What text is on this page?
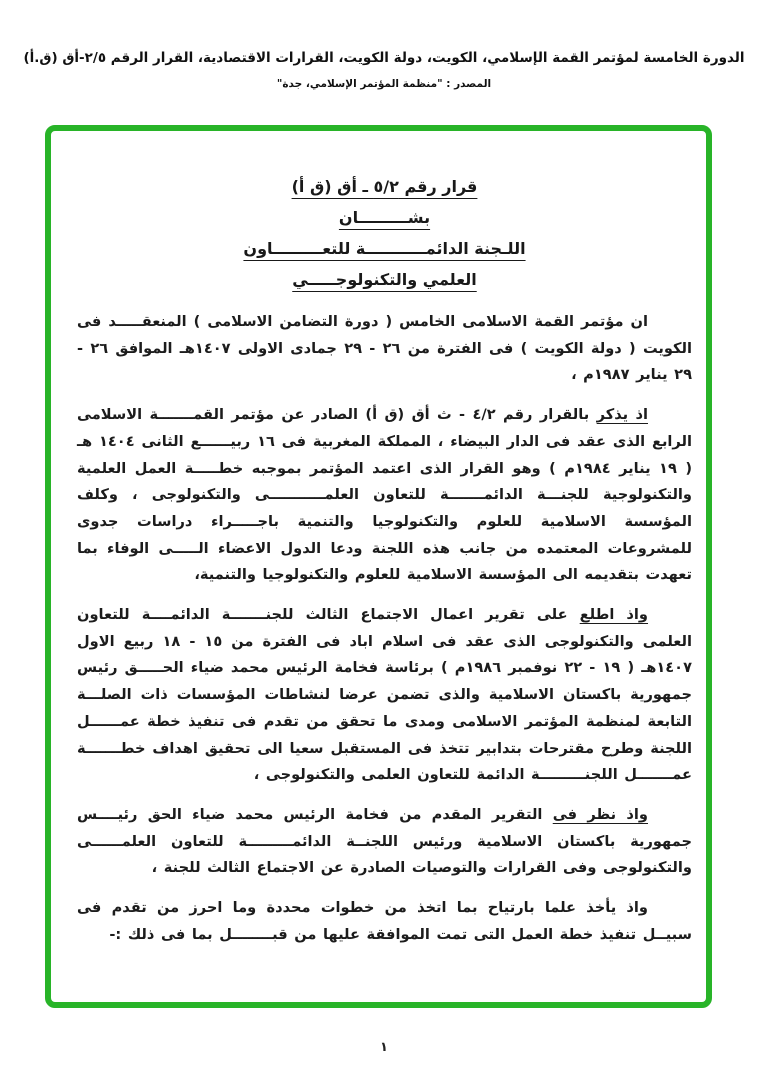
الدورة الخامسة لمؤتمر القمة الإسلامي، الكويت، دولة الكويت، القرارات الاقتصادية، القرار الرقم ٢/٥-أق (ق.أ)
المصدر : "منظمة المؤتمر الإسلامي، جدة"
قرار رقم ٥/٢ ـ أق (ق أ)
بشـــــــــان
اللـجنة الدائمـــــــــــة للتعـــــــــاون
العلمي والتكنولوجـــــي

ان مؤتمر القمة الاسلامى الخامس ( دورة التضامن الاسلامى ) المنعقـــــد فى الكويت ( دولة الكويت ) فى الفترة من ٢٦ - ٢٩ جمادى الاولى ١٤٠٧هـ الموافق ٢٦ - ٢٩ يناير ١٩٨٧م ،

اذ يذكر بالقرار رقم ٤/٢ - ث أق (ق أ) الصادر عن مؤتمر القمـــــــة الاسلامى الرابع الذى عقد فى الدار البيضاء ، المملكة المغربية فى ١٦ ربيــــــع الثانى ١٤٠٤ هـ ( ١٩ يناير ١٩٨٤م ) وهو القرار الذى اعتمد المؤتمر بموجبه خطـــــة العمل العلمية والتكنولوجية للجنـــة الدائمـــــــة للتعاون العلمـــــــــــى والتكنولوجى ، وكلف المؤسسة الاسلامية للعلوم والتكنولوجيا والتنمية باجـــــراء دراسات جدوى للمشروعات المعتمده من جانب هذه اللجنة ودعا الدول الاعضاء الـــــى الوفاء بما تعهدت بتقديمه الى المؤسسة الاسلامية للعلوم والتكنولوجيا والتنمية،

واذ اطلع على تقرير اعمال الاجتماع الثالث للجنـــــــة الدائمــــة للتعاون العلمى والتكنولوجى الذى عقد فى اسلام اباد فى الفترة من ١٥ - ١٨ ربيع الاول ١٤٠٧هـ ( ١٩ - ٢٢ نوفمبر ١٩٨٦م ) برئاسة فخامة الرئيس محمد ضياء الحـــــق رئيس جمهورية باكستان الاسلامية والذى تضمن عرضا لنشاطات المؤسسات ذات الصلـــة التابعة لمنظمة المؤتمر الاسلامى ومدى ما تحقق من تقدم فى تنفيذ خطة عمــــــل اللجنة وطرح مقترحات بتدابير تتخذ فى المستقبل سعيا الى تحقيق اهداف خطـــــــة عمـــــــل اللجنـــــــــة الدائمة للتعاون العلمى والتكنولوجى ،

واذ نظر فى التقرير المقدم من فخامة الرئيس محمد ضياء الحق رئيــــس جمهورية باكستان الاسلامية ورئيس اللجنــة الدائمـــــــــة للتعاون العلمــــــى والتكنولوجى وفى القرارات والتوصيات الصادرة عن الاجتماع الثالث للجنة ،

واذ يأخذ علما بارتياح بما اتخذ من خطوات محددة وما احرز من تقدم فى سبيــل تنفيذ خطة العمل التى تمت الموافقة عليها من قبــــــــل بما فى ذلك :-

١
